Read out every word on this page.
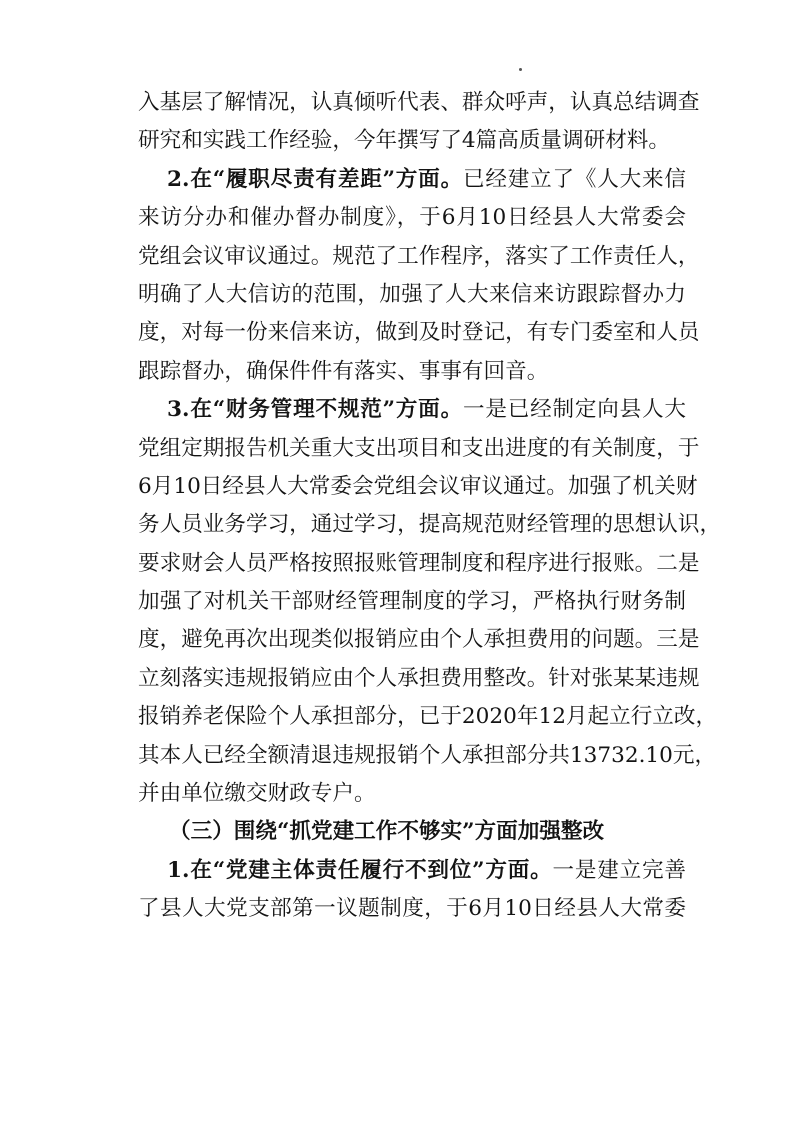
入基层了解情况，认真倾听代表、群众呼声，认真总结调查
研究和实践工作经验，今年撰写了4篇高质量调研材料。
2.在“履职尽责有差距”方面。已经建立了《人大来信
来访分办和催办督办制度》，于6月10日经县人大常委会
党组会议审议通过。规范了工作程序，落实了工作责任人，
明确了人大信访的范围，加强了人大来信来访跟踪督办力
度，对每一份来信来访，做到及时登记，有专门委室和人员
跟踪督办，确保件件有落实、事事有回音。
3.在“财务管理不规范”方面。一是已经制定向县人大
党组定期报告机关重大支出项目和支出进度的有关制度，于
6月10日经县人大常委会党组会议审议通过。加强了机关财
务人员业务学习，通过学习，提高规范财经管理的思想认识，
要求财会人员严格按照报账管理制度和程序进行报账。二是
加强了对机关干部财经管理制度的学习，严格执行财务制
度，避免再次出现类似报销应由个人承担费用的问题。三是
立刻落实违规报销应由个人承担费用整改。针对张某某违规
报销养老保险个人承担部分，已于2020年12月起立行立改，
其本人已经全额清退违规报销个人承担部分共13732.10元，
并由单位缴交财政专户。
（三）围绕“抓党建工作不够实”方面加强整改
1.在“党建主体责任履行不到位”方面。一是建立完善
了县人大党支部第一议题制度，于6月10日经县人大常委
